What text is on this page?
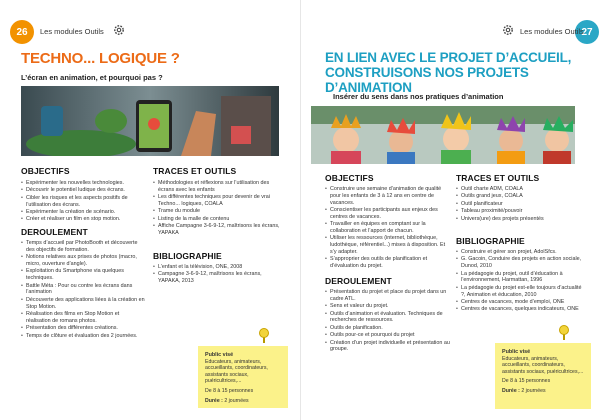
26	Les modules Outils
TECHNO... LOGIQUE ?
L’écran en animation, et pourquoi pas ?
OBJECTIFS
• Expérimenter les nouvelles technologies.
• Découvrir le potentiel ludique des écrans.
• Cibler les risques et les aspects positifs de l’utilisation des écrans.
• Expérimenter la création de scénario.
• Créer et réaliser un film en stop motion.
DEROULEMENT
• Temps d’accueil par PhotoBooth et découverte des objectifs de formation.
• Notions relatives aux prises de photos (macro, micro, ouverture d’angle).
• Exploitation du Smartphone via quelques techniques.
• Battle Méta : Pour ou contre les écrans dans l’animation
• Découverte des applications liées à la création en Stop Motion.
• Réalisation des films en Stop Motion et réalisation de romans photos.
• Présentation des différentes créations.
• Temps de clôture et évaluation des 2 journées.
TRACES ET OUTILS
• Méthodologies et réflexions sur l’utilisation des écrans avec les enfants
• Les différentes techniques pour devenir de vrai Techno... logiques, COALA
• Trame du module
• Listing de la malle de contenu
• Affiche Campagne 3-6-9-12, maîtrisons les écrans, YAPAKA
BIBLIOGRAPHIE
• L’enfant et la télévision, ONE, 2008
• Campagne 3-6-9-12, maîtrisons les écrans, YAPAKA, 2013
Public visé
Educateurs, animateurs, accueillants, coordinateurs, assistants sociaux, puéricultrices,...
De 8 à 15 personnes
Durée : 2 journées
27
Les modules Outils
EN LIEN AVEC LE PROJET D’ACCUEIL, CONSTRUISONS NOS PROJETS D’ANIMATION
Insérer du sens dans nos pratiques d’animation
OBJECTIFS
• Construire une semaine d’animation de qualité pour les enfants de 3 à 12 ans en centre de vacances.
• Conscientiser les participants aux enjeux des centres de vacances.
• Travailler en équipes en comptant sur la collaboration et l’apport de chacun.
• Utiliser les ressources (internet, bibliothèque, ludothèque, référentiel...) mises à disposition. Et s’y adapter.
• S’approprier des outils de planification et d’évaluation du projet.
DEROULEMENT
• Présentation du projet et place du projet dans un cadre ATL.
• Sens et valeur du projet.
• Outils d’animation et évaluation. Techniques de recherches de ressources.
• Outils de planification.
• Outils pour-ce et pourquoi du projet
• Création d’un projet individuelle et présentation au groupe.
TRACES ET OUTILS
• Outil charte ADM, COALA
• Outils grand jeux, COALA
• Outil planificateur
• Tableau proximité/pouvoir
• Univers(ure) des projets présentés
BIBLIOGRAPHIE
• Construire et gérer son projet, AdolSfcs.
• G. Gacoin, Conduire des projets en action sociale, Dunod, 2010
• La pédagogie du projet, outil d’éducation à l’environnement, Harmattan, 1996
• La pédagogie du projet est-elle toujours d’actualité ?, Animation et éducation, 2010
• Centres de vacances, mode d’emploi, ONE
• Centres de vacances, quelques indicateurs, ONE
Public visé
Educateurs, animateurs, accueillants, coordinateurs, assistants sociaux, puéricultrices,...
De 8 à 15 personnes
Durée : 2 journées
